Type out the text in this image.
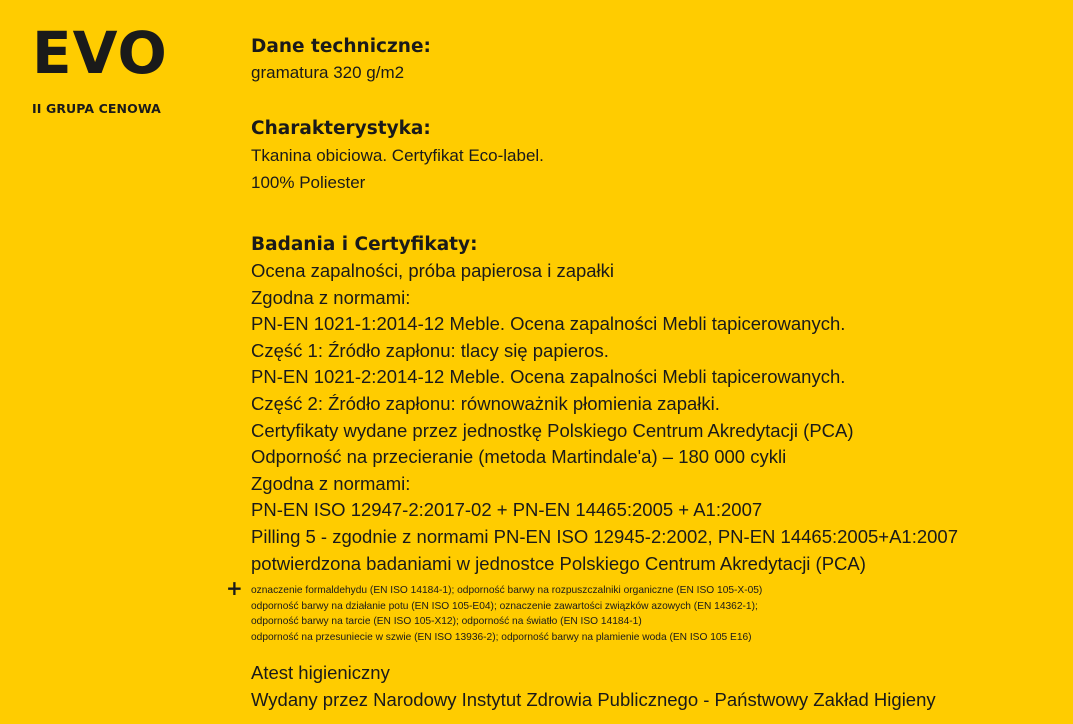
EVO
II GRUPA CENOWA
Dane techniczne:
gramatura 320 g/m2
Charakterystyka:
Tkanina obiciowa. Certyfikat Eco-label.
100% Poliester
Badania i Certyfikaty:
Ocena zapalności, próba papierosa i zapałki
Zgodna z normami:
PN-EN 1021-1:2014-12 Meble. Ocena zapalności Mebli tapicerowanych.
Część 1: Źródło zapłonu: tlacy się papieros.
PN-EN 1021-2:2014-12 Meble. Ocena zapalności Mebli tapicerowanych.
Część 2: Źródło zapłonu: równoważnik płomienia zapałki.
Certyfikaty wydane przez jednostkę Polskiego Centrum Akredytacji (PCA)
Odporność na przecieranie (metoda Martindale'a) – 180 000 cykli
Zgodna z normami:
PN-EN ISO 12947-2:2017-02 + PN-EN 14465:2005 + A1:2007
Pilling 5 - zgodnie z normami PN-EN ISO 12945-2:2002, PN-EN 14465:2005+A1:2007
potwierdzona badaniami w jednostce Polskiego Centrum Akredytacji (PCA)
+ oznaczenie formaldehydu (EN ISO 14184-1); odporność barwy na rozpuszczalniki organiczne (EN ISO 105-X-05)
odporność barwy na działanie potu (EN ISO 105-E04); oznaczenie zawartości związków azowych (EN 14362-1);
odporność barwy na tarcie (EN ISO 105-X12); odporność na światło (EN ISO 14184-1)
odporność na przesuniecie w szwie (EN ISO 13936-2); odporność barwy na plamienie woda (EN ISO 105 E16)
Atest higieniczny
Wydany przez Narodowy Instytut Zdrowia Publicznego - Państwowy Zakład Higieny
